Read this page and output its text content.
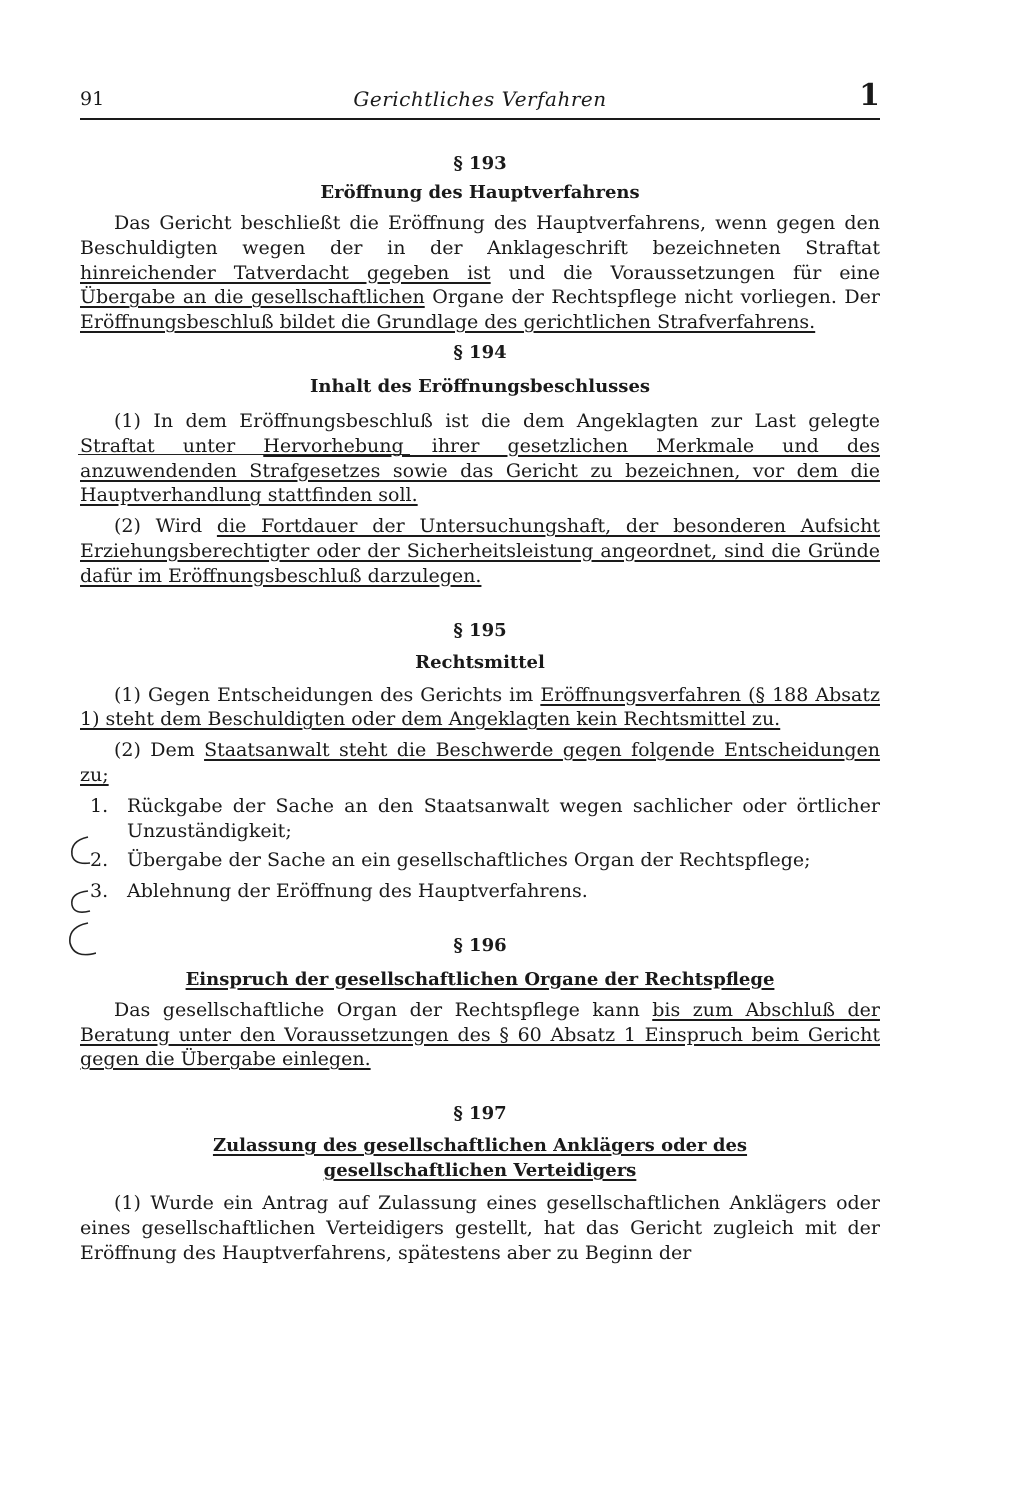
91	Gerichtliches Verfahren	1

§ 193

Eröffnung des Hauptverfahrens

Das Gericht beschließt die Eröffnung des Hauptverfahrens, wenn gegen den Beschuldigten wegen der in der Anklageschrift bezeichneten Straftat hinreichender Tatverdacht gegeben ist und die Voraussetzungen für eine Übergabe an die gesellschaftlichen Organe der Rechtspflege nicht vorliegen. Der Eröffnungsbeschluß bildet die Grundlage des gerichtlichen Strafverfahrens.

§ 194

Inhalt des Eröffnungsbeschlusses

(1) In dem Eröffnungsbeschluß ist die dem Angeklagten zur Last gelegte Straftat unter Hervorhebung ihrer gesetzlichen Merkmale und des anzuwendenden Strafgesetzes sowie das Gericht zu bezeichnen, vor dem die Hauptverhandlung stattfinden soll.

(2) Wird die Fortdauer der Untersuchungshaft, der besonderen Aufsicht Erziehungsberechtigter oder der Sicherheitsleistung angeordnet, sind die Gründe dafür im Eröffnungsbeschluß darzulegen.

§ 195

Rechtsmittel

(1) Gegen Entscheidungen des Gerichts im Eröffnungsverfahren (§ 188 Absatz 1) steht dem Beschuldigten oder dem Angeklagten kein Rechtsmittel zu.

(2) Dem Staatsanwalt steht die Beschwerde gegen folgende Entscheidungen zu;

1. Rückgabe der Sache an den Staatsanwalt wegen sachlicher oder örtlicher Unzuständigkeit;
2. Übergabe der Sache an ein gesellschaftliches Organ der Rechtspflege;
3. Ablehnung der Eröffnung des Hauptverfahrens.

§ 196

Einspruch der gesellschaftlichen Organe der Rechtspflege

Das gesellschaftliche Organ der Rechtspflege kann bis zum Abschluß der Beratung unter den Voraussetzungen des § 60 Absatz 1 Einspruch beim Gericht gegen die Übergabe einlegen.

§ 197

Zulassung des gesellschaftlichen Anklägers oder des

gesellschaftlichen Verteidigers

(1) Wurde ein Antrag auf Zulassung eines gesellschaftlichen Anklägers oder eines gesellschaftlichen Verteidigers gestellt, hat das Gericht zugleich mit der Eröffnung des Hauptverfahrens, spätestens aber zu Beginn der
